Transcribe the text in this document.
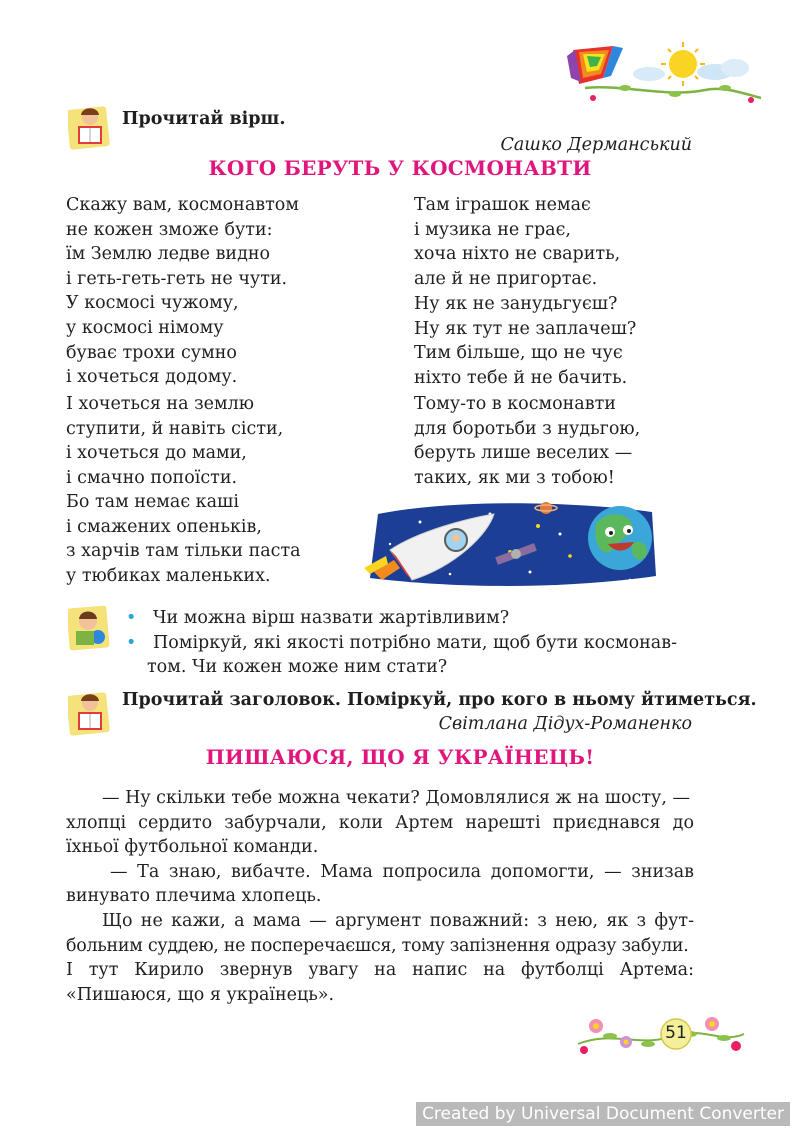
Прочитай вірш.
Сашко Дерманський
КОГО БЕРУТЬ У КОСМОНАВТИ
Скажу вам, космонавтом
не кожен зможе бути:
їм Землю ледве видно
і геть-геть-геть не чути.
У космосі чужому,
у космосі німому
буває трохи сумно
і хочеться додому.
І хочеться на землю
ступити, й навіть сісти,
і хочеться до мами,
і смачно попоїсти.
Бо там немає каші
і смажених опеньків,
з харчів там тільки паста
у тюбиках маленьких.
Там іграшок немає
і музика не грає,
хоча ніхто не сварить,
але й не пригортає.
Ну як не занудьгуєш?
Ну як тут не заплачеш?
Тим більше, що не чує
ніхто тебе й не бачить.
Тому-то в космонавти
для боротьби з нудьгою,
беруть лише веселих —
таких, як ми з тобою!
• Чи можна вірш назвати жартівливим?
• Поміркуй, які якості потрібно мати, щоб бути космонав-
том. Чи кожен може ним стати?
Прочитай заголовок. Поміркуй, про кого в ньому йтиметься.
Світлана Дідух-Романенко
ПИШАЮСЯ, ЩО Я УКРАЇНЕЦЬ!
— Ну скільки тебе можна чекати? Домовлялися ж на шосту, —
хлопці сердито забурчали, коли Артем нарешті приєднався до
їхньої футбольної команди.
— Та знаю, вибачте. Мама попросила допомогти, — знизав
винувато плечима хлопець.
Що не кажи, а мама — аргумент поважний: з нею, як з фут-
больним суддею, не посперечаєшся, тому запізнення одразу забули.
І тут Кирило звернув увагу на напис на футболці Артема:
«Пишаюся, що я українець».
51
Created by Universal Document Converter
